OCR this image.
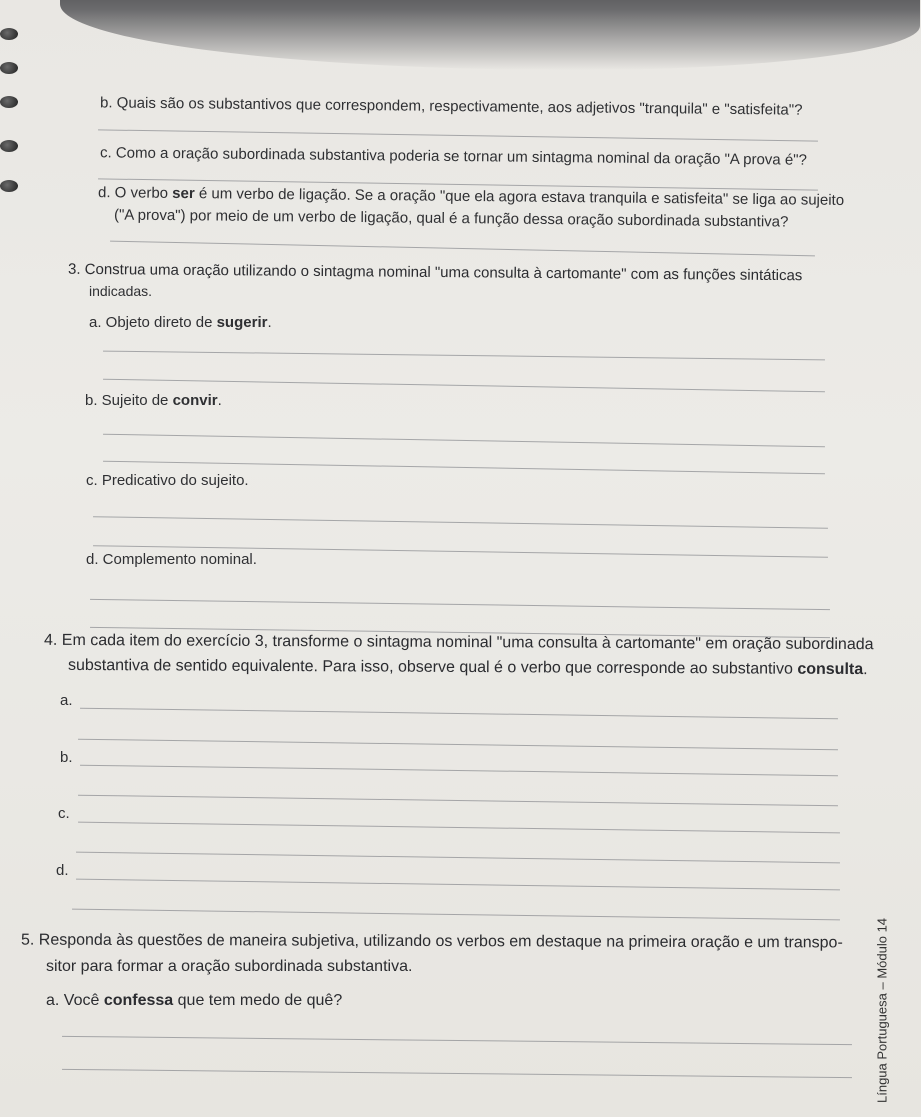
b. Quais são os substantivos que correspondem, respectivamente, aos adjetivos "tranquila" e "satisfeita"?
c. Como a oração subordinada substantiva poderia se tornar um sintagma nominal da oração "A prova é"?
d. O verbo ser é um verbo de ligação. Se a oração "que ela agora estava tranquila e satisfeita" se liga ao sujeito
("A prova") por meio de um verbo de ligação, qual é a função dessa oração subordinada substantiva?
3. Construa uma oração utilizando o sintagma nominal "uma consulta à cartomante" com as funções sintáticas
indicadas.
a. Objeto direto de sugerir.
b. Sujeito de convir.
c. Predicativo do sujeito.
d. Complemento nominal.
4. Em cada item do exercício 3, transforme o sintagma nominal "uma consulta à cartomante" em oração subordinada
substantiva de sentido equivalente. Para isso, observe qual é o verbo que corresponde ao substantivo consulta.
a.
b.
c.
d.
5. Responda às questões de maneira subjetiva, utilizando os verbos em destaque na primeira oração e um transpo-
sitor para formar a oração subordinada substantiva.
a. Você confessa que tem medo de quê?	Língua Portuguesa – Módulo 14
